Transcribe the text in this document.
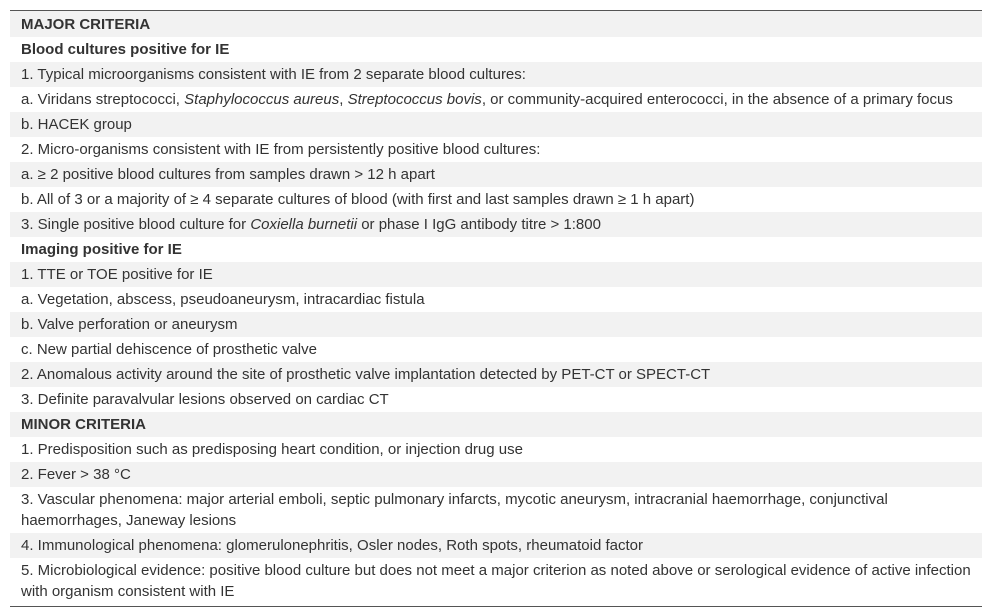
MAJOR CRITERIA
Blood cultures positive for IE
1. Typical microorganisms consistent with IE from 2 separate blood cultures:
a. Viridans streptococci, Staphylococcus aureus, Streptococcus bovis, or community-acquired enterococci, in the absence of a primary focus
b. HACEK group
2. Micro-organisms consistent with IE from persistently positive blood cultures:
a. ≥ 2 positive blood cultures from samples drawn > 12 h apart
b. All of 3 or a majority of ≥ 4 separate cultures of blood (with first and last samples drawn ≥ 1 h apart)
3. Single positive blood culture for Coxiella burnetii or phase I IgG antibody titre > 1:800
Imaging positive for IE
1. TTE or TOE positive for IE
a. Vegetation, abscess, pseudoaneurysm, intracardiac fistula
b. Valve perforation or aneurysm
c. New partial dehiscence of prosthetic valve
2. Anomalous activity around the site of prosthetic valve implantation detected by PET-CT or SPECT-CT
3. Definite paravalvular lesions observed on cardiac CT
MINOR CRITERIA
1. Predisposition such as predisposing heart condition, or injection drug use
2. Fever > 38 °C
3. Vascular phenomena: major arterial emboli, septic pulmonary infarcts, mycotic aneurysm, intracranial haemorrhage, conjunctival haemorrhages, Janeway lesions
4. Immunological phenomena: glomerulonephritis, Osler nodes, Roth spots, rheumatoid factor
5. Microbiological evidence: positive blood culture but does not meet a major criterion as noted above or serological evidence of active infection with organism consistent with IE
